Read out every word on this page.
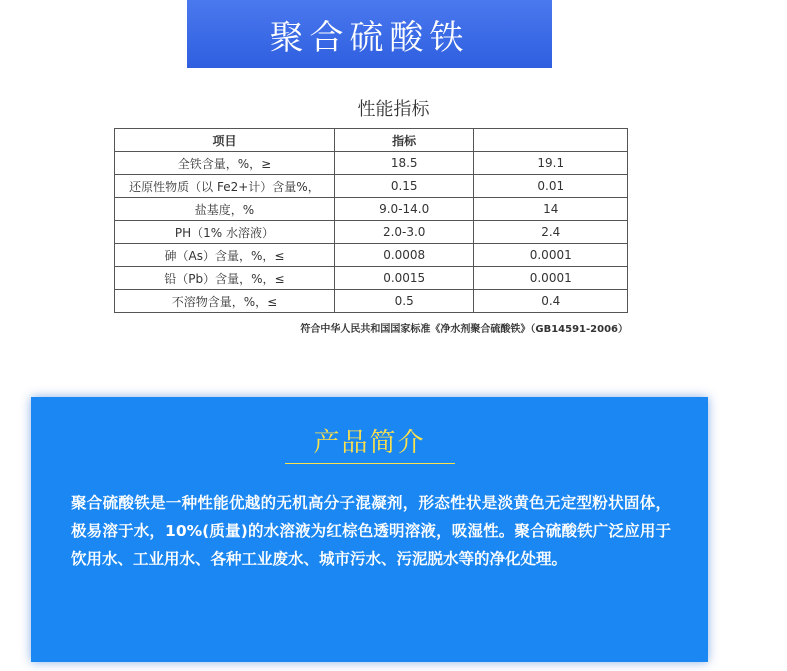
聚合硫酸铁
性能指标
项目	指标	
全铁含量，%，≥	18.5	19.1
还原性物质（以 Fe2+计）含量%，	0.15	0.01
盐基度，%	9.0-14.0	14
PH（1% 水溶液）	2.0-3.0	2.4
砷（As）含量，%，≤	0.0008	0.0001
铅（Pb）含量，%，≤	0.0015	0.0001
不溶物含量，%，≤	0.5	0.4
符合中华人民共和国国家标准《净水剂聚合硫酸铁》（GB14591-2006）
产品简介
聚合硫酸铁是一种性能优越的无机高分子混凝剂，形态性状是淡黄色无定型粉状固体，极易溶于水，10%(质量)的水溶液为红棕色透明溶液，吸湿性。聚合硫酸铁广泛应用于饮用水、工业用水、各种工业废水、城市污水、污泥脱水等的净化处理。
